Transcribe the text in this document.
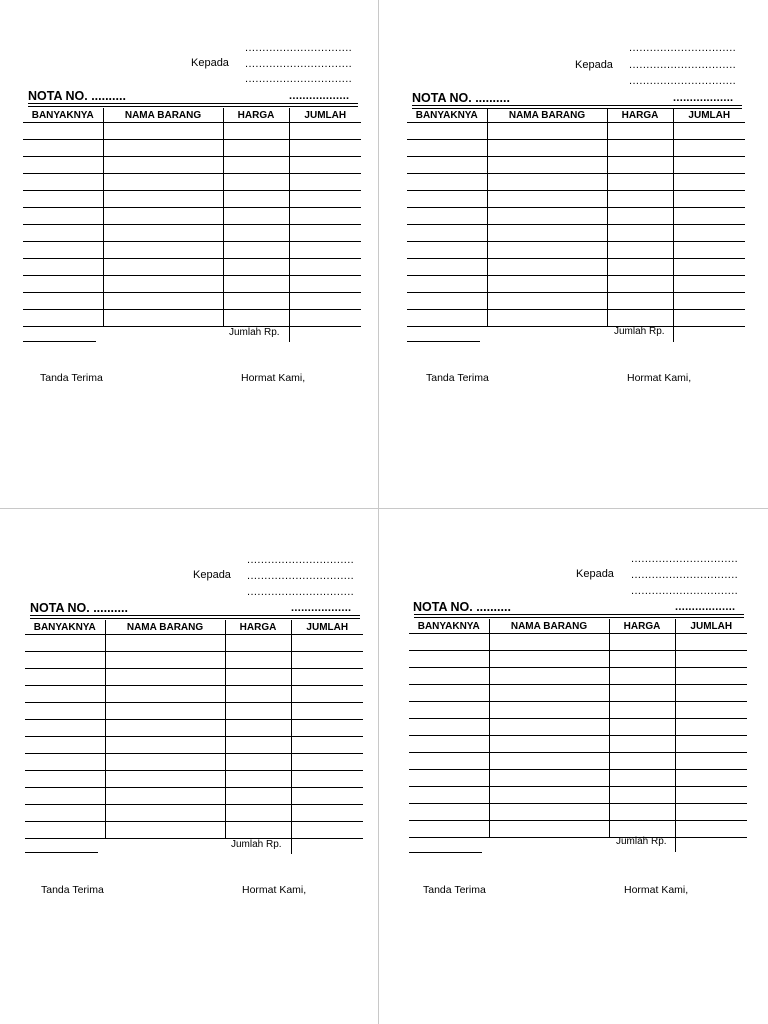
...............................
Kepada ...............................
...............................
NOTA NO. ..........	..................
BANYAKNYA	NAMA BARANG	HARGA	JUMLAH

Jumlah Rp.
Tanda Terima	Hormat Kami,
...............................
Kepada ...............................
...............................
NOTA NO. ..........	..................
BANYAKNYA	NAMA BARANG	HARGA	JUMLAH

Jumlah Rp.
Tanda Terima	Hormat Kami,
...............................
Kepada ...............................
...............................
NOTA NO. ..........	..................
BANYAKNYA	NAMA BARANG	HARGA	JUMLAH

Jumlah Rp.
Tanda Terima	Hormat Kami,
...............................
Kepada ...............................
...............................
NOTA NO. ..........	..................
BANYAKNYA	NAMA BARANG	HARGA	JUMLAH

Jumlah Rp.
Tanda Terima	Hormat Kami,
